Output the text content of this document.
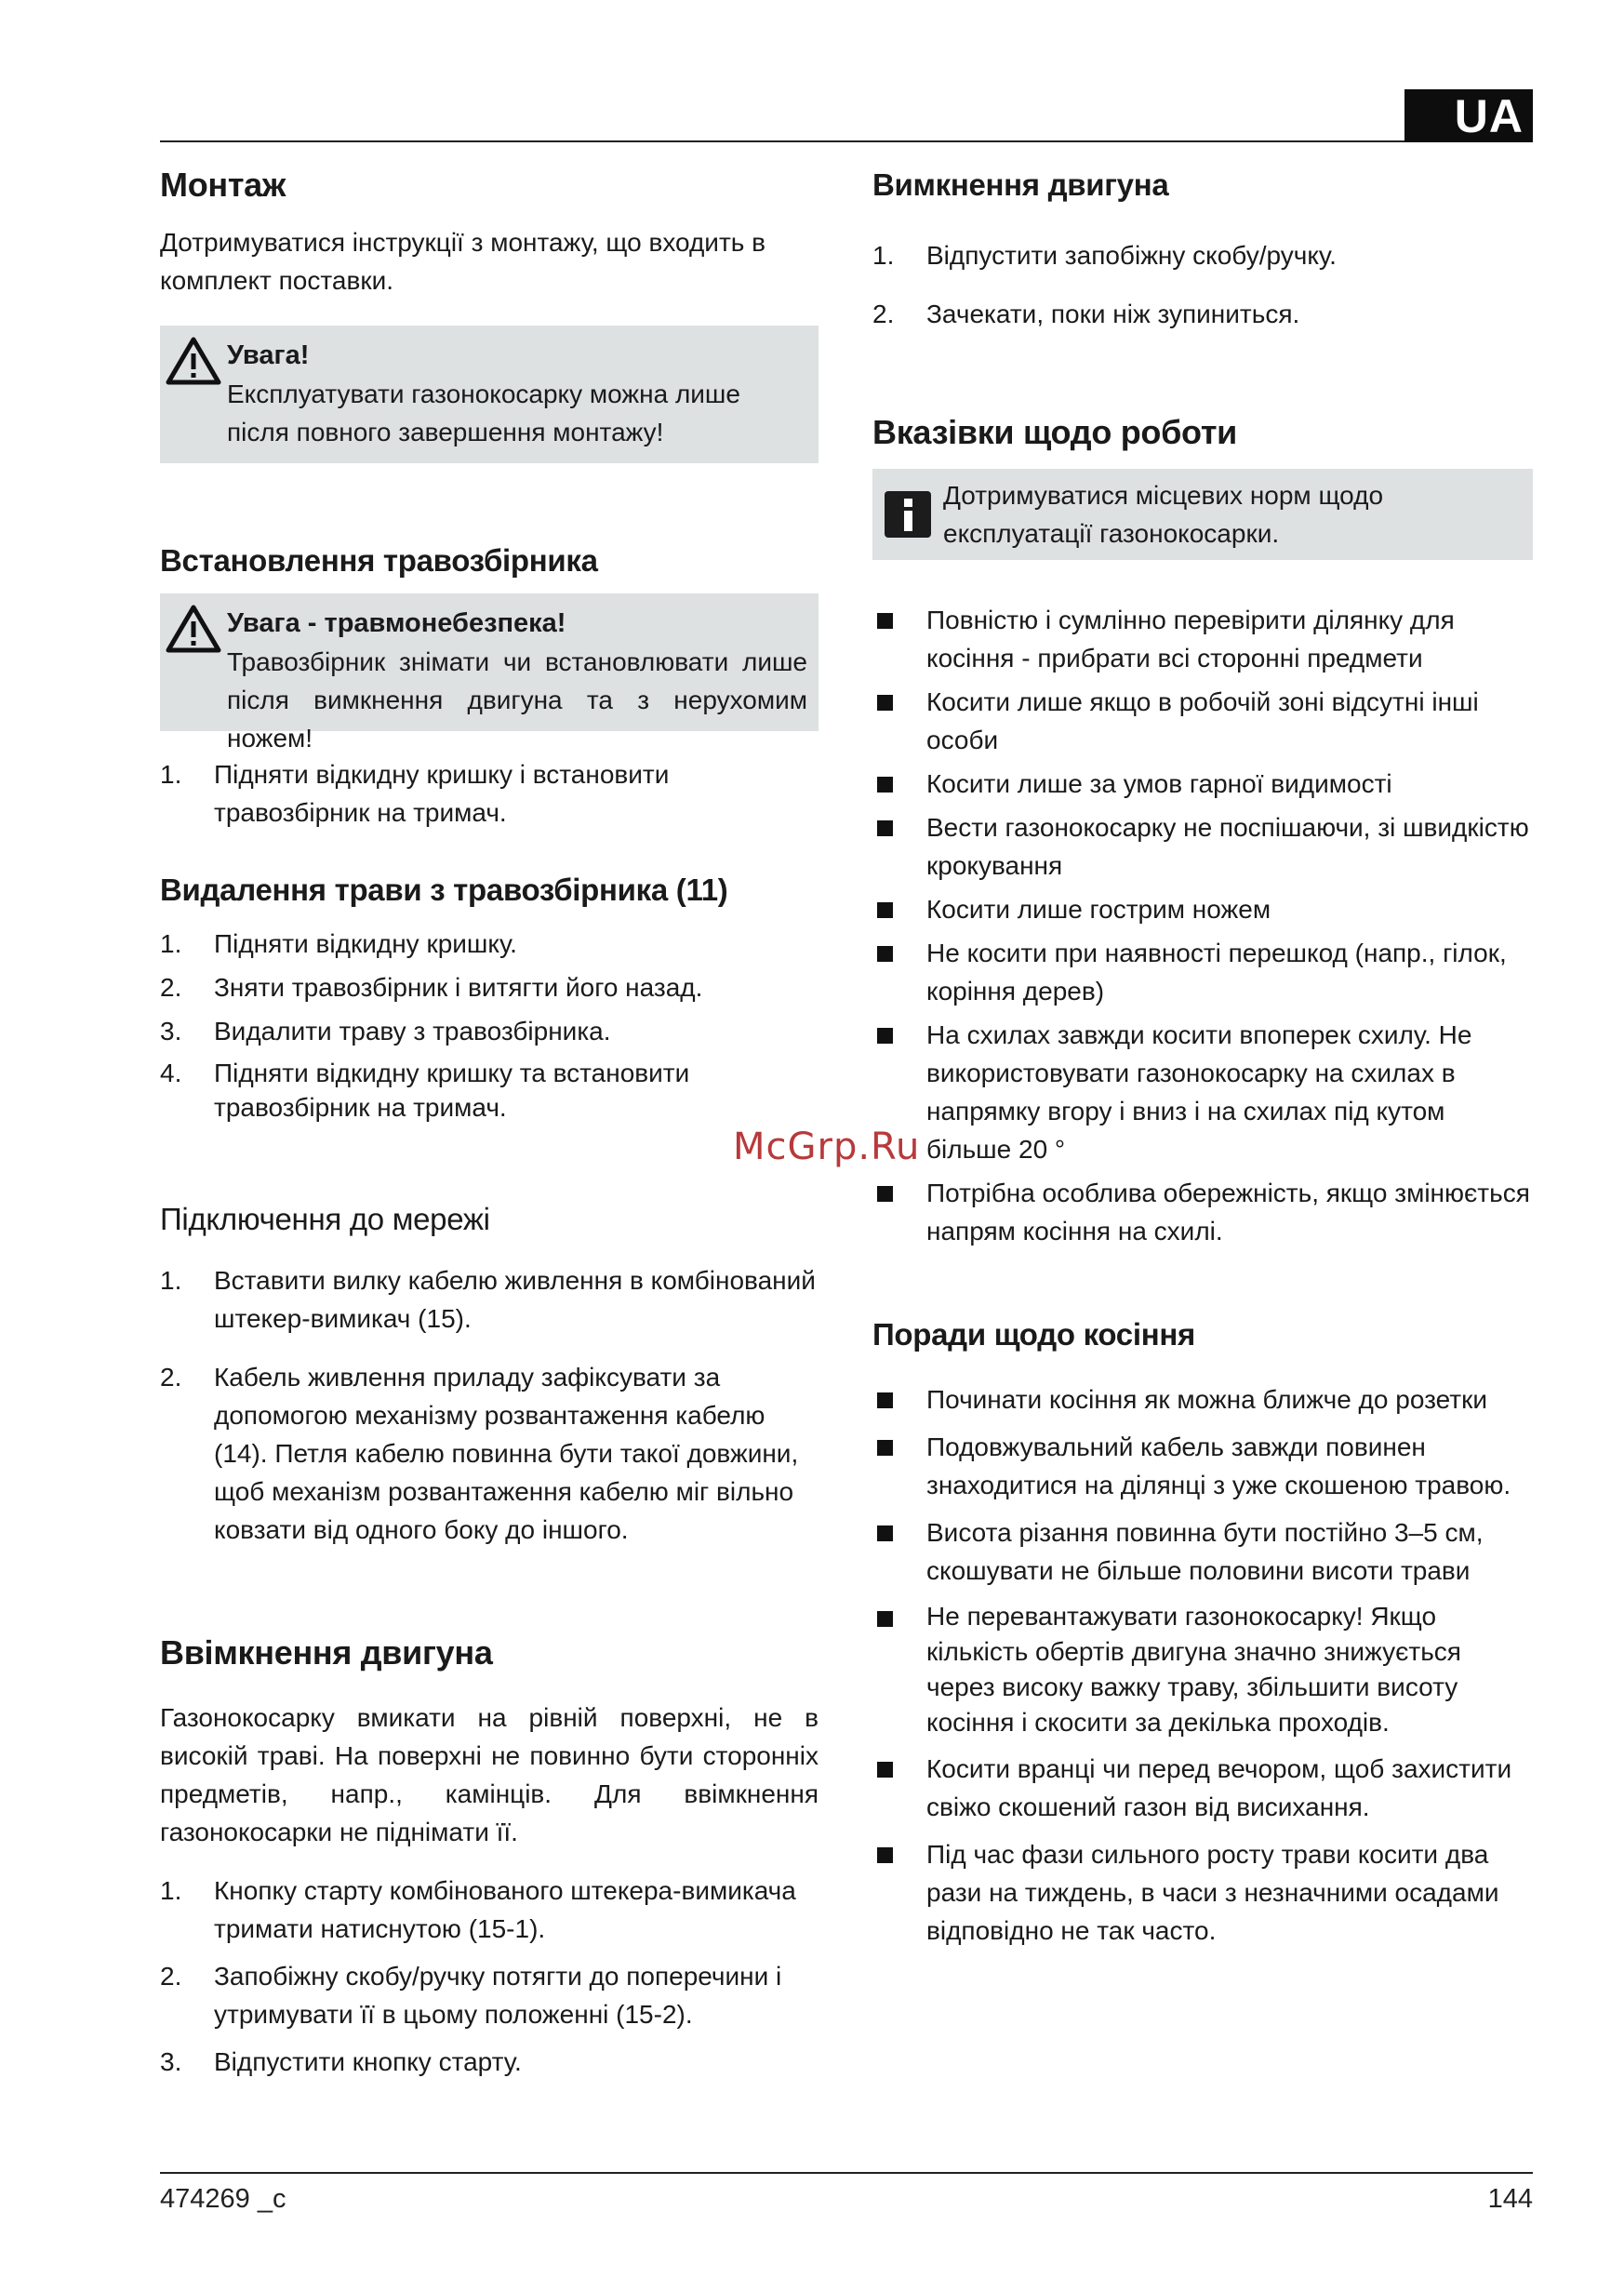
UA
Монтаж

Дотримуватися інструкції з монтажу, що входить в комплект поставки.

Увага!
Експлуатувати газонокосарку можна лише після повного завершення монтажу!
Встановлення травозбірника
Увага - травмонебезпека!
Травозбірник знімати чи встановлювати лише після вимкнення двигуна та з нерухомим ножем!
1.	Підняти відкидну кришку і встановити травозбірник на тримач.
Видалення трави з травозбірника (11)
1.	Підняти відкидну кришку.
2.	Зняти травозбірник і витягти його назад.
3.	Видалити траву з травозбірника.
4.	Підняти відкидну кришку та встановити травозбірник на тримач.
Підключення до мережі
1.	Вставити вилку кабелю живлення в комбінований штекер-вимикач (15).
2.	Кабель живлення приладу зафіксувати за допомогою механізму розвантаження кабелю (14). Петля кабелю повинна бути такої довжини, щоб механізм розвантаження кабелю міг вільно ковзати від одного боку до іншого.
Ввімкнення двигуна

Газонокосарку вмикати на рівній поверхні, не в високій траві. На поверхні не повинно бути сторонніх предметів, напр., камінців. Для ввімкнення газонокосарки не піднімати її.

1.	Кнопку старту комбінованого штекера-вимикача тримати натиснутою (15-1).
2.	Запобіжну скобу/ручку потягти до поперечини і утримувати її в цьому положенні (15-2).
3.	Відпустити кнопку старту.
Вимкнення двигуна
1.	Відпустити запобіжну скобу/ручку.
2.	Зачекати, поки ніж зупиниться.
Вказівки щодо роботи
Дотримуватися місцевих норм щодо експлуатації газонокосарки.
Повністю і сумлінно перевірити ділянку для косіння - прибрати всі сторонні предмети
Косити лише якщо в робочій зоні відсутні інші особи
Косити лише за умов гарної видимості
Вести газонокосарку не поспішаючи, зі швидкістю крокування
Косити лише гострим ножем
Не косити при наявності перешкод (напр., гілок, коріння дерев)
На схилах завжди косити впоперек схилу. Не використовувати газонокосарку на схилах в напрямку вгору і вниз і на схилах під кутом більше 20 °
Потрібна особлива обережність, якщо змінюється напрям косіння на схилі.
Поради щодо косіння
Починати косіння як можна ближче до розетки
Подовжувальний кабель завжди повинен знаходитися на ділянці з уже скошеною травою.
Висота різання повинна бути постійно 3–5 см, скошувати не більше половини висоти трави
Не перевантажувати газонокосарку! Якщо кількість обертів двигуна значно знижується через високу важку траву, збільшити висоту косіння і скосити за декілька проходів.
Косити вранці чи перед вечором, щоб захистити свіжо скошений газон від висихання.
Під час фази сильного росту трави косити два рази на тиждень, в часи з незначними осадами відповідно не так часто.
McGrp.Ru
474269 _c	144
